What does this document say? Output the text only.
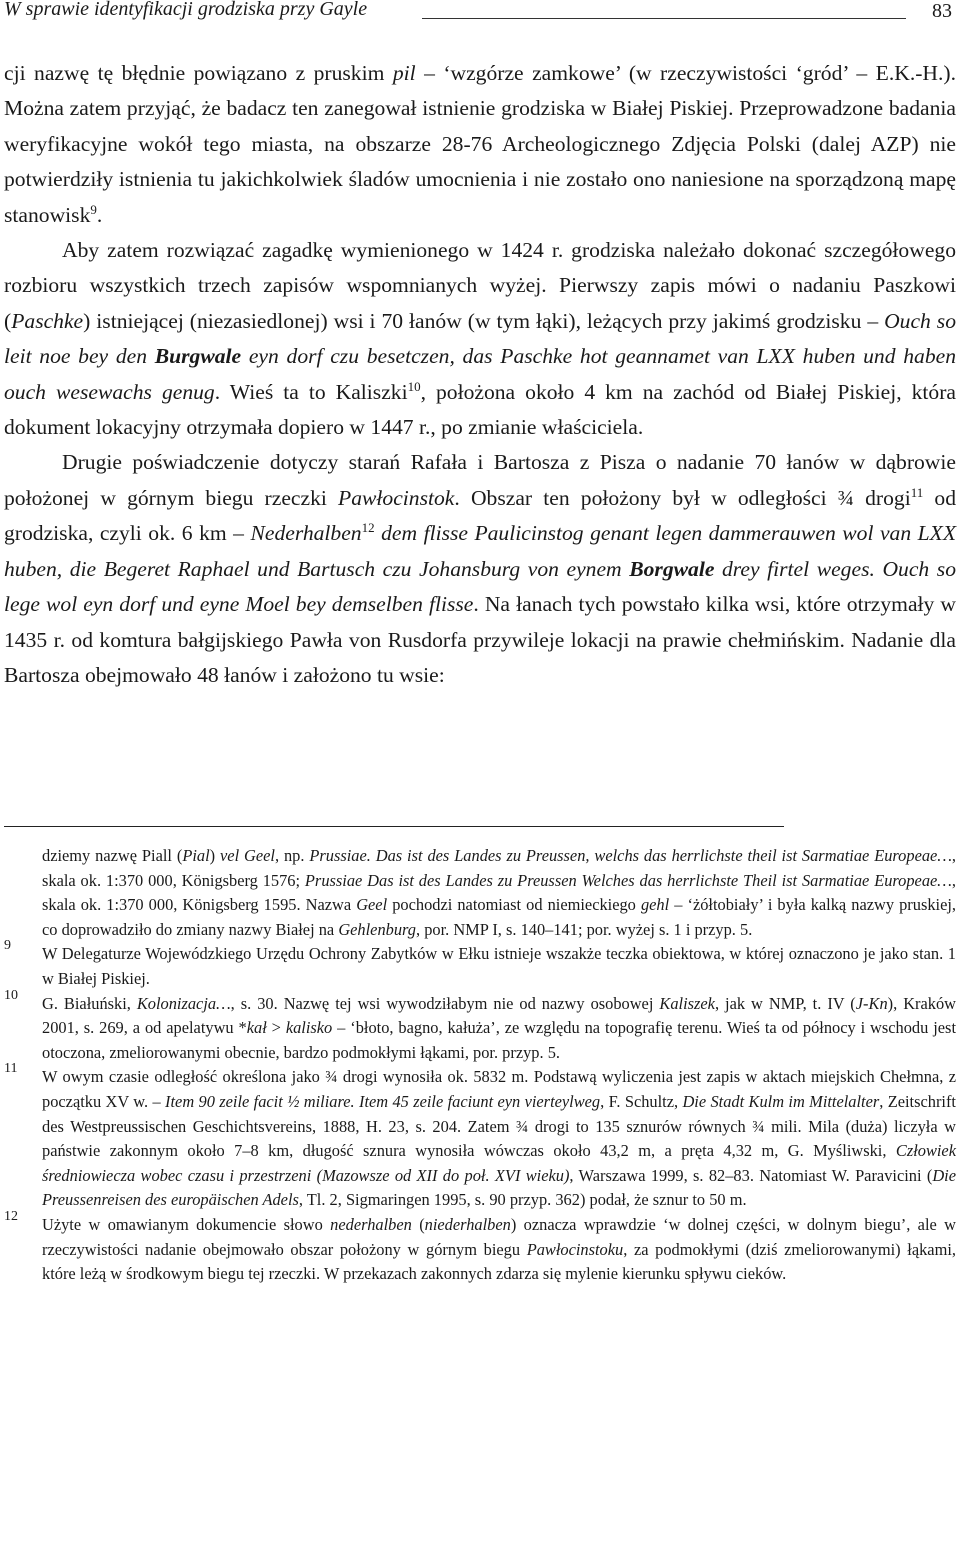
W sprawie identyfikacji grodziska przy Gayle	83

cji nazwę tę błędnie powiązano z pruskim pil – ‘wzgórze zamkowe’ (w rzeczywistości ‘gród’ – E.K.-H.). Można zatem przyjąć, że badacz ten zanegował istnienie grodziska w Białej Piskiej. Przeprowadzone badania weryfikacyjne wokół tego miasta, na obszarze 28-76 Archeologicznego Zdjęcia Polski (dalej AZP) nie potwierdziły istnienia tu jakichkolwiek śladów umocnienia i nie zostało ono naniesione na sporządzoną mapę stanowisk$^9$.

Aby zatem rozwiązać zagadkę wymienionego w 1424 r. grodziska należało dokonać szczegółowego rozbioru wszystkich trzech zapisów wspomnianych wyżej. Pierwszy zapis mówi o nadaniu Paszkowi (Paschke) istniejącej (niezasiedlonej) wsi i 70 łanów (w tym łąki), leżących przy jakimś grodzisku – Ouch so leit noe bey den Burgwale eyn dorf czu besetczen, das Paschke hot geannamet van LXX huben und haben ouch wesewachs genug. Wieś ta to Kaliszki$^{10}$, położona około 4 km na zachód od Białej Piskiej, która dokument lokacyjny otrzymała dopiero w 1447 r., po zmianie właściciela.

Drugie poświadczenie dotyczy starań Rafała i Bartosza z Pisza o nadanie 70 łanów w dąbrowie położonej w górnym biegu rzeczki Pawłocinstok. Obszar ten położony był w odległości ¾ drogi$^{11}$ od grodziska, czyli ok. 6 km – Nederhalben$^{12}$ dem flisse Paulicinstog genant legen dammerauwen wol van LXX huben, die Begeret Raphael und Bartusch czu Johansburg von eynem Borgwale drey firtel weges. Ouch so lege wol eyn dorf und eyne Moel bey demselben flisse. Na łanach tych powstało kilka wsi, które otrzymały w 1435 r. od komtura bałgijskiego Pawła von Rusdorfa przywileje lokacji na prawie chełmińskim. Nadanie dla Bartosza obejmowało 48 łanów i założono tu wsie:

dziemy nazwę Piall (Pial) vel Geel, np. Prussiae. Das ist des Landes zu Preussen, welchs das herrlichste theil ist Sarmatiae Europeae…, skala ok. 1:370 000, Königsberg 1576; Prussiae Das ist des Landes zu Preussen Welches das herrlichste Theil ist Sarmatiae Europeae…, skala ok. 1:370 000, Königsberg 1595. Nazwa Geel pochodzi natomiast od niemieckiego gehl – ‘żółtobiały’ i była kalką nazwy pruskiej, co doprowadziło do zmiany nazwy Białej na Gehlenburg, por. NMP I, s. 140–141; por. wyżej s. 1 i przyp. 5.
9 W Delegaturze Wojewódzkiego Urzędu Ochrony Zabytków w Ełku istnieje wszakże teczka obiektowa, w której oznaczono je jako stan. 1 w Białej Piskiej.
10 G. Białuński, Kolonizacja…, s. 30. Nazwę tej wsi wywodziłabym nie od nazwy osobowej Kaliszek, jak w NMP, t. IV (J-Kn), Kraków 2001, s. 269, a od apelatywu *kał > kalisko – ‘błoto, bagno, kałuża’, ze względu na topografię terenu. Wieś ta od północy i wschodu jest otoczona, zmeliorowanymi obecnie, bardzo podmokłymi łąkami, por. przyp. 5.
11 W owym czasie odległość określona jako ¾ drogi wynosiła ok. 5832 m. Podstawą wyliczenia jest zapis w aktach miejskich Chełmna, z początku XV w. – Item 90 zeile facit ½ miliare. Item 45 zeile faciunt eyn vierteylweg, F. Schultz, Die Stadt Kulm im Mittelalter, Zeitschrift des Westpreussischen Geschichtsvereins, 1888, H. 23, s. 204. Zatem ¾ drogi to 135 sznurów równych ¾ mili. Mila (duża) liczyła w państwie zakonnym około 7–8 km, długość sznura wynosiła wówczas około 43,2 m, a pręta 4,32 m, G. Myśliwski, Człowiek średniowiecza wobec czasu i przestrzeni (Mazowsze od XII do poł. XVI wieku), Warszawa 1999, s. 82–83. Natomiast W. Paravicini (Die Preussenreisen des europäischen Adels, Tl. 2, Sigmaringen 1995, s. 90 przyp. 362) podał, że sznur to 50 m.
12 Użyte w omawianym dokumencie słowo nederhalben (niederhalben) oznacza wprawdzie ‘w dolnej części, w dolnym biegu’, ale w rzeczywistości nadanie obejmowało obszar położony w górnym biegu Pawłocinstoku, za podmokłymi (dziś zmeliorowanymi) łąkami, które leżą w środkowym biegu tej rzeczki. W przekazach zakonnych zdarza się mylenie kierunku spływu cieków.
